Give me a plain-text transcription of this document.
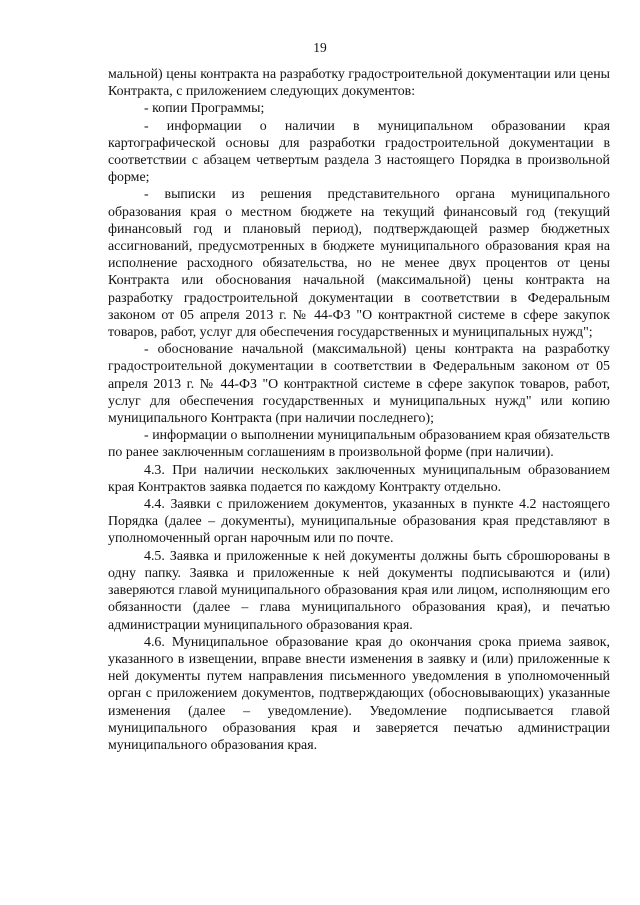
19

мальной) цены контракта на разработку градостроительной документации или цены Контракта, с приложением следующих документов:

- копии Программы;

- информации о наличии в муниципальном образовании края картографической основы для разработки градостроительной документации в соответствии с абзацем четвертым раздела 3 настоящего Порядка в произвольной форме;

- выписки из решения представительного органа муниципального образования края о местном бюджете на текущий финансовый год (текущий финансовый год и плановый период), подтверждающей размер бюджетных ассигнований, предусмотренных в бюджете муниципального образования края на исполнение расходного обязательства, но не менее двух процентов от цены Контракта или обоснования начальной (максимальной) цены контракта на разработку градостроительной документации в соответствии в Федеральным законом от 05 апреля 2013 г. № 44-ФЗ "О контрактной системе в сфере закупок товаров, работ, услуг для обеспечения государственных и муниципальных нужд";

- обоснование начальной (максимальной) цены контракта на разработку градостроительной документации в соответствии в Федеральным законом от 05 апреля 2013 г. № 44-ФЗ "О контрактной системе в сфере закупок товаров, работ, услуг для обеспечения государственных и муниципальных нужд" или копию муниципального Контракта (при наличии последнего);

- информации о выполнении муниципальным образованием края обязательств по ранее заключенным соглашениям в произвольной форме (при наличии).

4.3. При наличии нескольких заключенных муниципальным образованием края Контрактов заявка подается по каждому Контракту отдельно.

4.4. Заявки с приложением документов, указанных в пункте 4.2 настоящего Порядка (далее – документы), муниципальные образования края представляют в уполномоченный орган нарочным или по почте.

4.5. Заявка и приложенные к ней документы должны быть сброшюрованы в одну папку. Заявка и приложенные к ней документы подписываются и (или) заверяются главой муниципального образования края или лицом, исполняющим его обязанности (далее – глава муниципального образования края), и печатью администрации муниципального образования края.

4.6. Муниципальное образование края до окончания срока приема заявок, указанного в извещении, вправе внести изменения в заявку и (или) приложенные к ней документы путем направления письменного уведомления в уполномоченный орган с приложением документов, подтверждающих (обосновывающих) указанные изменения (далее – уведомление). Уведомление подписывается главой муниципального образования края и заверяется печатью администрации муниципального образования края.
